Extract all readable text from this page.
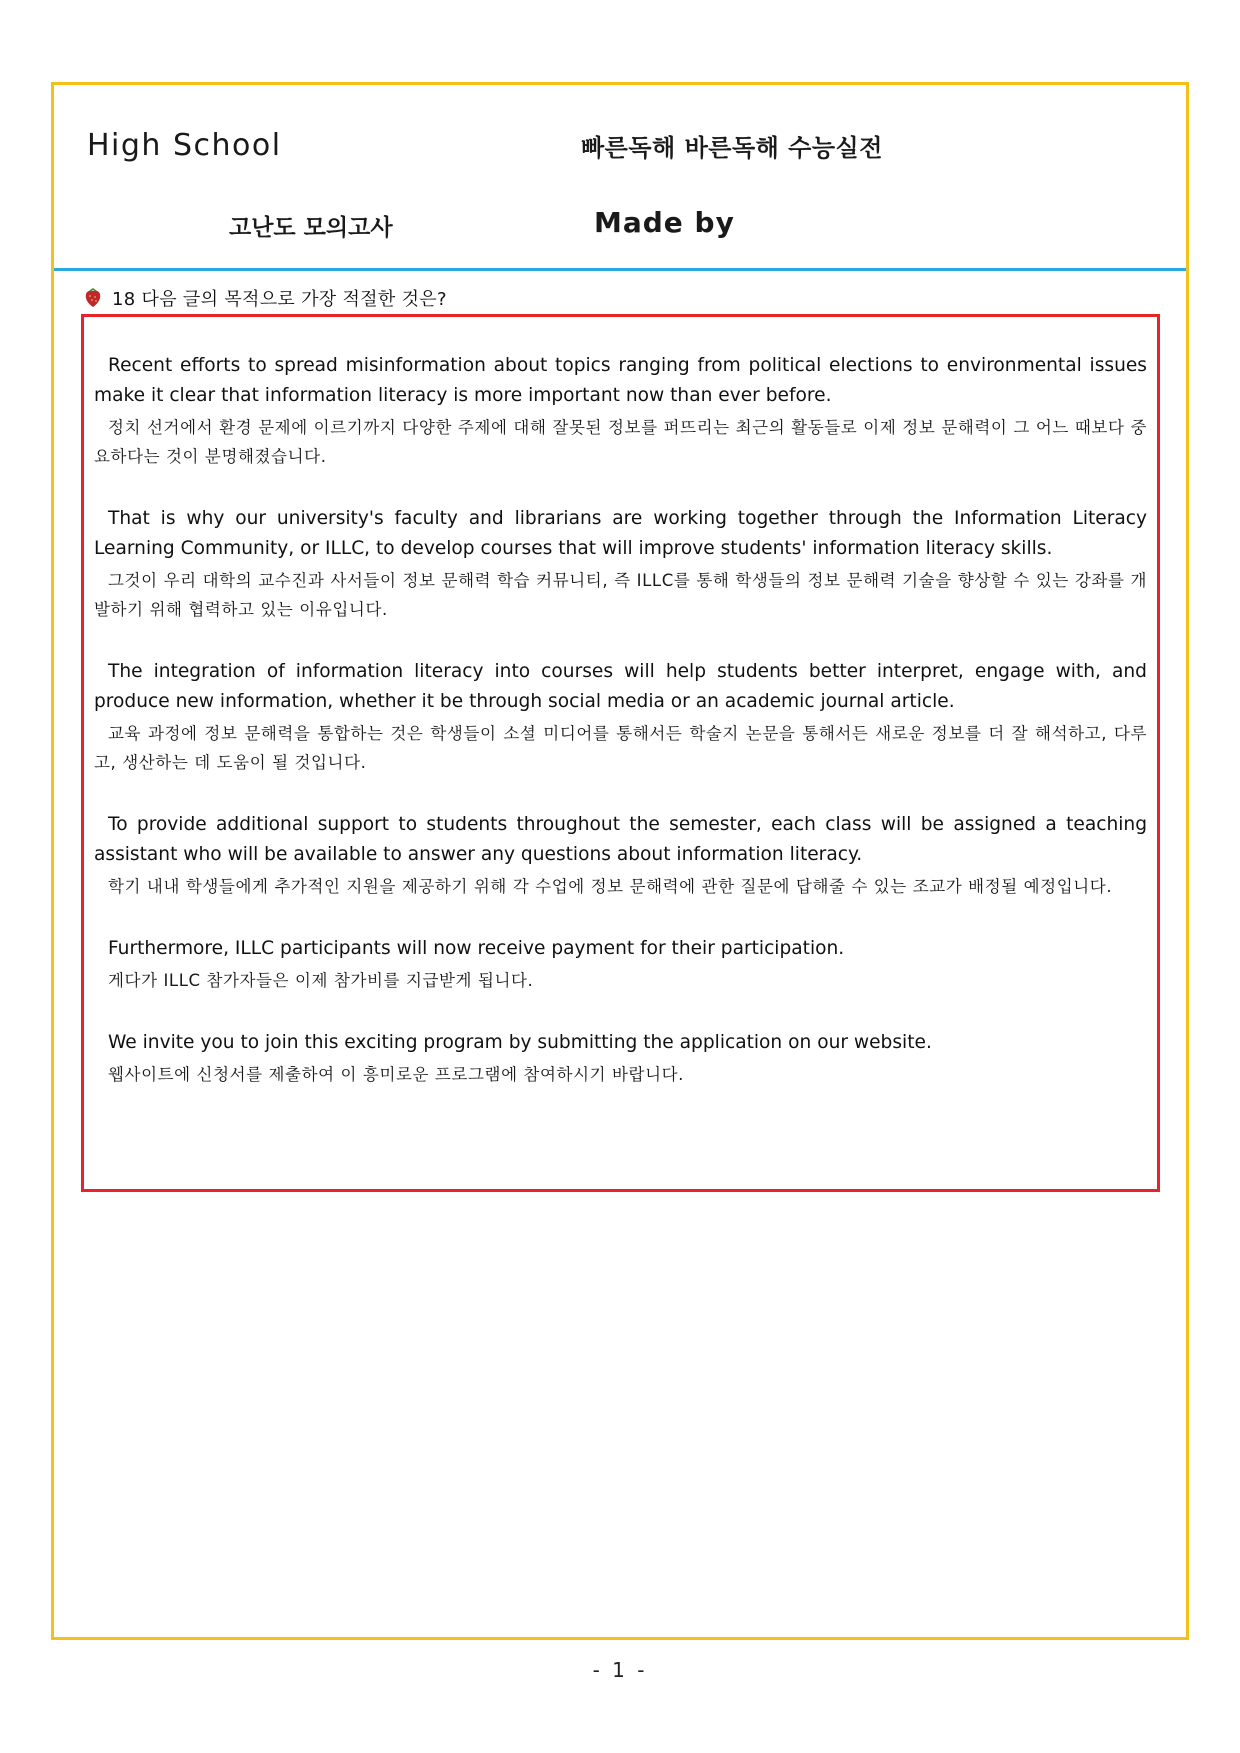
High School	빠른독해 바른독해 수능실전
고난도 모의고사	Made by
18 다음 글의 목적으로 가장 적절한 것은?
Recent efforts to spread misinformation about topics ranging from political elections to environmental issues make it clear that information literacy is more important now than ever before.
정치 선거에서 환경 문제에 이르기까지 다양한 주제에 대해 잘못된 정보를 퍼뜨리는 최근의 활동들로 이제 정보 문해력이 그 어느 때보다 중요하다는 것이 분명해졌습니다.
That is why our university's faculty and librarians are working together through the Information Literacy Learning Community, or ILLC, to develop courses that will improve students' information literacy skills.
그것이 우리 대학의 교수진과 사서들이 정보 문해력 학습 커뮤니티, 즉 ILLC를 통해 학생들의 정보 문해력 기술을 향상할 수 있는 강좌를 개발하기 위해 협력하고 있는 이유입니다.
The integration of information literacy into courses will help students better interpret, engage with, and produce new information, whether it be through social media or an academic journal article.
교육 과정에 정보 문해력을 통합하는 것은 학생들이 소셜 미디어를 통해서든 학술지 논문을 통해서든 새로운 정보를 더 잘 해석하고, 다루고, 생산하는 데 도움이 될 것입니다.
To provide additional support to students throughout the semester, each class will be assigned a teaching assistant who will be available to answer any questions about information literacy.
학기 내내 학생들에게 추가적인 지원을 제공하기 위해 각 수업에 정보 문해력에 관한 질문에 답해줄 수 있는 조교가 배정될 예정입니다.
Furthermore, ILLC participants will now receive payment for their participation.
게다가 ILLC 참가자들은 이제 참가비를 지급받게 됩니다.
We invite you to join this exciting program by submitting the application on our website.
웹사이트에 신청서를 제출하여 이 흥미로운 프로그램에 참여하시기 바랍니다.
- 1 -
